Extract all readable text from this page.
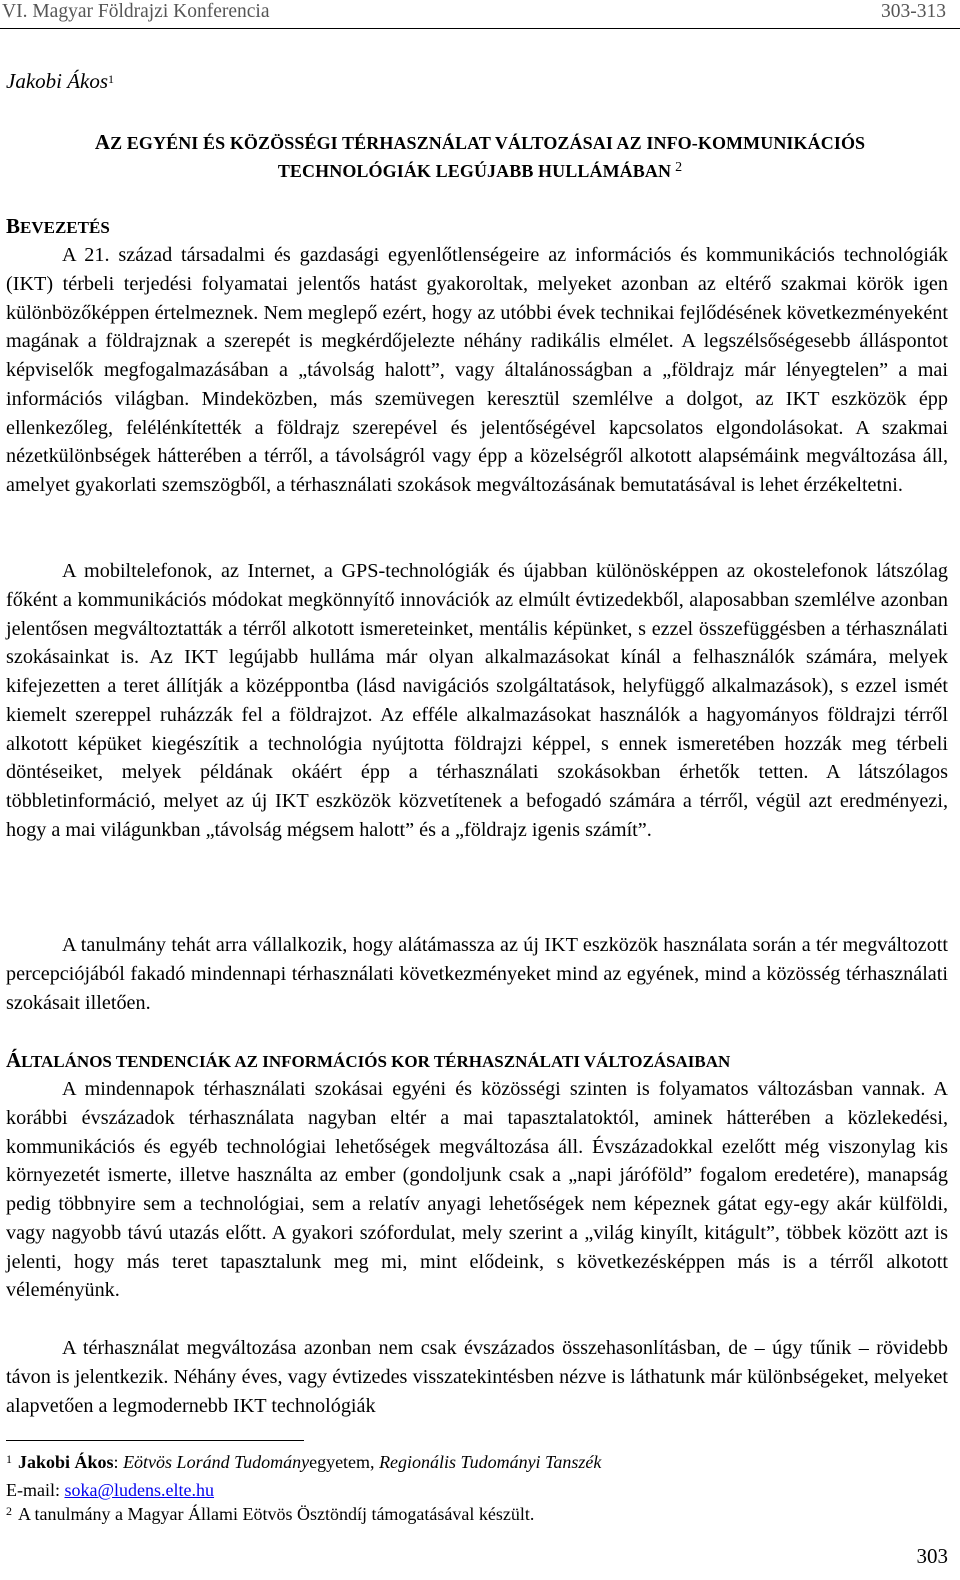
VI. Magyar Földrajzi Konferencia	303-313
Jakobi Ákos$^1$
AZ EGYÉNI ÉS KÖZÖSSÉGI TÉRHASZNÁLAT VÁLTOZÁSAI AZ INFO-KOMMUNIKÁCIÓS
TECHNOLÓGIÁK LEGÚJABB HULLÁMÁBAN $^2$
BEVEZETÉS

A 21. század társadalmi és gazdasági egyenlőtlenségeire az információs és kommunikációs technológiák (IKT) térbeli terjedési folyamatai jelentős hatást gyakoroltak, melyeket azonban az eltérő szakmai körök igen különbözőképpen értelmeznek. Nem meglepő ezért, hogy az utóbbi évek technikai fejlődésének következményeként magának a földrajznak a szerepét is megkérdőjelezte néhány radikális elmélet. A legszélsőségesebb álláspontot képviselők megfogalmazásában a „távolság halott”, vagy általánosságban a „földrajz már lényegtelen” a mai információs világban. Mindeközben, más szemüvegen keresztül szemlélve a dolgot, az IKT eszközök épp ellenkezőleg, felélénkítették a földrajz szerepével és jelentőségével kapcsolatos elgondolásokat. A szakmai nézetkülönbségek hátterében a térről, a távolságról vagy épp a közelségről alkotott alapsémáink megváltozása áll, amelyet gyakorlati szemszögből, a térhasználati szokások megváltozásának bemutatásával is lehet érzékeltetni.

A mobiltelefonok, az Internet, a GPS-technológiák és újabban különösképpen az okostelefonok látszólag főként a kommunikációs módokat megkönnyítő innovációk az elmúlt évtizedekből, alaposabban szemlélve azonban jelentősen megváltoztatták a térről alkotott ismereteinket, mentális képünket, s ezzel összefüggésben a térhasználati szokásainkat is. Az IKT legújabb hulláma már olyan alkalmazásokat kínál a felhasználók számára, melyek kifejezetten a teret állítják a középpontba (lásd navigációs szolgáltatások, helyfüggő alkalmazások), s ezzel ismét kiemelt szereppel ruházzák fel a földrajzot. Az efféle alkalmazásokat használók a hagyományos földrajzi térről alkotott képüket kiegészítik a technológia nyújtotta földrajzi képpel, s ennek ismeretében hozzák meg térbeli döntéseiket, melyek példának okáért épp a térhasználati szokásokban érhetők tetten. A látszólagos többletinformáció, melyet az új IKT eszközök közvetítenek a befogadó számára a térről, végül azt eredményezi, hogy a mai világunkban „távolság mégsem halott” és a „földrajz igenis számít”.

A tanulmány tehát arra vállalkozik, hogy alátámassza az új IKT eszközök használata során a tér megváltozott percepciójából fakadó mindennapi térhasználati következményeket mind az egyének, mind a közösség térhasználati szokásait illetően.

ÁLTALÁNOS TENDENCIÁK AZ INFORMÁCIÓS KOR TÉRHASZNÁLATI VÁLTOZÁSAIBAN

A mindennapok térhasználati szokásai egyéni és közösségi szinten is folyamatos változásban vannak. A korábbi évszázadok térhasználata nagyban eltér a mai tapasztalatoktól, aminek hátterében a közlekedési, kommunikációs és egyéb technológiai lehetőségek megváltozása áll. Évszázadokkal ezelőtt még viszonylag kis környezetét ismerte, illetve használta az ember (gondoljunk csak a „napi járóföld” fogalom eredetére), manapság pedig többnyire sem a technológiai, sem a relatív anyagi lehetőségek nem képeznek gátat egy-egy akár külföldi, vagy nagyobb távú utazás előtt. A gyakori szófordulat, mely szerint a „világ kinyílt, kitágult”, többek között azt is jelenti, hogy más teret tapasztalunk meg mi, mint elődeink, s következésképpen más is a térről alkotott véleményünk.

A térhasználat megváltozása azonban nem csak évszázados összehasonlításban, de – úgy tűnik – rövidebb távon is jelentkezik. Néhány éves, vagy évtizedes visszatekintésben nézve is láthatunk már különbségeket, melyeket alapvetően a legmodernebb IKT technológiák

$^1$ Jakobi Ákos: Eötvös Loránd Tudományegyetem, Regionális Tudományi Tanszék
E-mail: soka@ludens.elte.hu
$^2$ A tanulmány a Magyar Állami Eötvös Ösztöndíj támogatásával készült.
303
